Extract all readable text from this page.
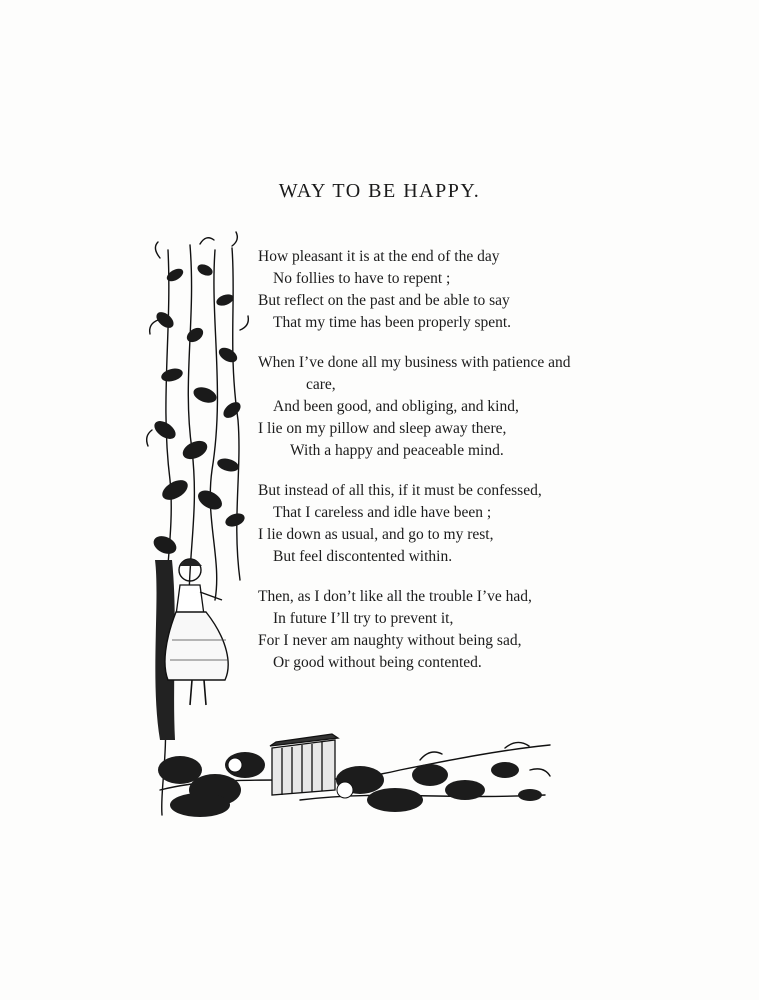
WAY TO BE HAPPY.
How pleasant it is at the end of the day
No follies to have to repent ;
But reflect on the past and be able to say
That my time has been properly spent.
When I’ve done all my business with patience and
care,
And been good, and obliging, and kind,
I lie on my pillow and sleep away there,
With a happy and peaceable mind.
But instead of all this, if it must be confessed,
That I careless and idle have been ;
I lie down as usual, and go to my rest,
But feel discontented within.
Then, as I don’t like all the trouble I’ve had,
In future I’ll try to prevent it,
For I never am naughty without being sad,
Or good without being contented.
